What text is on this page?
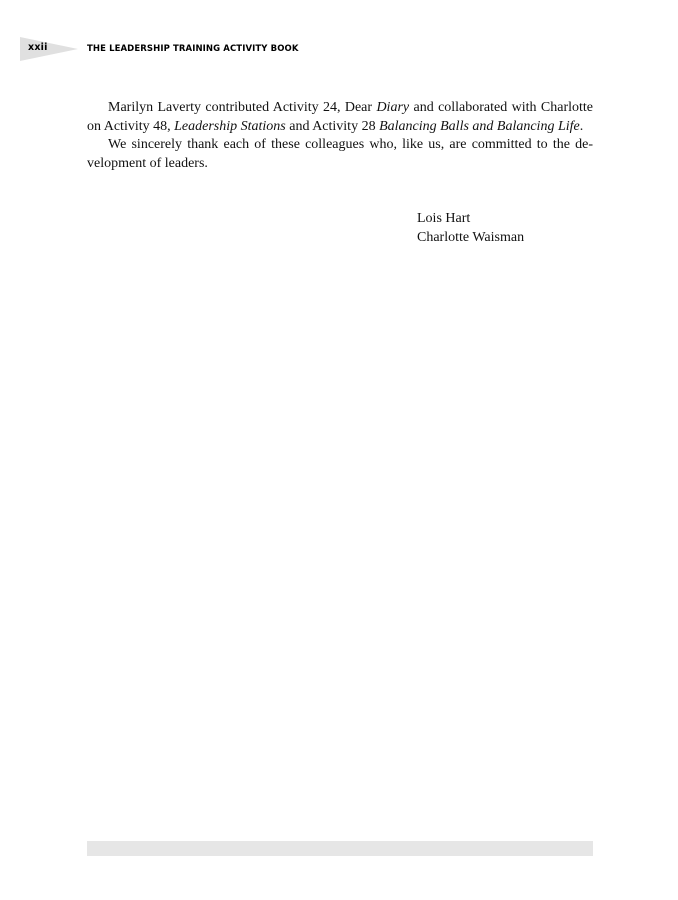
xxii	THE LEADERSHIP TRAINING ACTIVITY BOOK

Marilyn Laverty contributed Activity 24, Dear Diary and collaborated with Charlotte on Activity 48, Leadership Stations and Activity 28 Balancing Balls and Balancing Life.

We sincerely thank each of these colleagues who, like us, are committed to the development of leaders.

Lois Hart
Charlotte Waisman
